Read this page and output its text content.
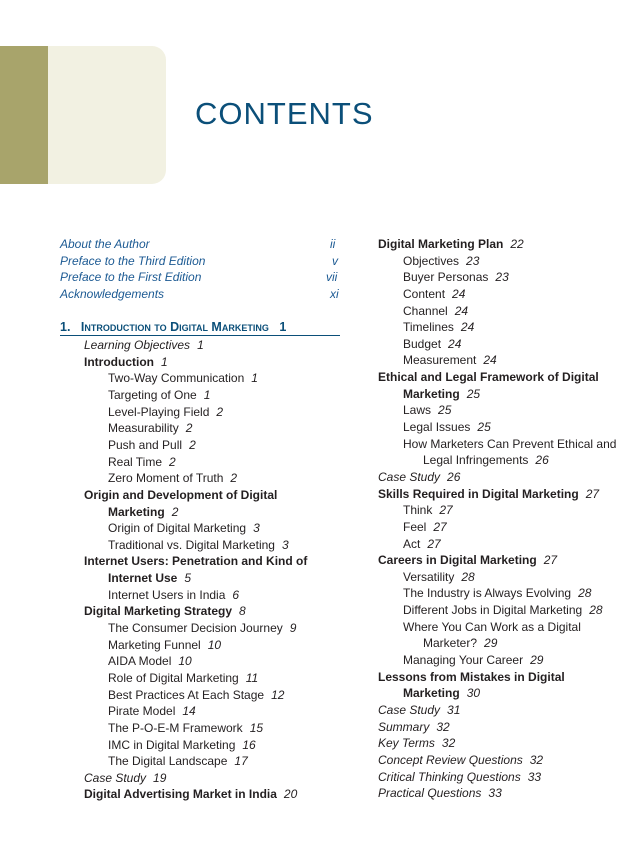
CONTENTS
About the Author	ii
Preface to the Third Edition	v
Preface to the First Edition	vii
Acknowledgements	xi
1. Introduction to Digital Marketing 1
Learning Objectives 1
Introduction 1
Two-Way Communication 1
Targeting of One 1
Level-Playing Field 2
Measurability 2
Push and Pull 2
Real Time 2
Zero Moment of Truth 2
Origin and Development of Digital
Marketing 2
Origin of Digital Marketing 3
Traditional vs. Digital Marketing 3
Internet Users: Penetration and Kind of
Internet Use 5
Internet Users in India 6
Digital Marketing Strategy 8
The Consumer Decision Journey 9
Marketing Funnel 10
AIDA Model 10
Role of Digital Marketing 11
Best Practices At Each Stage 12
Pirate Model 14
The P-O-E-M Framework 15
IMC in Digital Marketing 16
The Digital Landscape 17
Case Study 19
Digital Advertising Market in India 20
Digital Marketing Plan 22
Objectives 23
Buyer Personas 23
Content 24
Channel 24
Timelines 24
Budget 24
Measurement 24
Ethical and Legal Framework of Digital
Marketing 25
Laws 25
Legal Issues 25
How Marketers Can Prevent Ethical and
Legal Infringements 26
Case Study 26
Skills Required in Digital Marketing 27
Think 27
Feel 27
Act 27
Careers in Digital Marketing 27
Versatility 28
The Industry is Always Evolving 28
Different Jobs in Digital Marketing 28
Where You Can Work as a Digital
Marketer? 29
Managing Your Career 29
Lessons from Mistakes in Digital
Marketing 30
Case Study 31
Summary 32
Key Terms 32
Concept Review Questions 32
Critical Thinking Questions 33
Practical Questions 33
